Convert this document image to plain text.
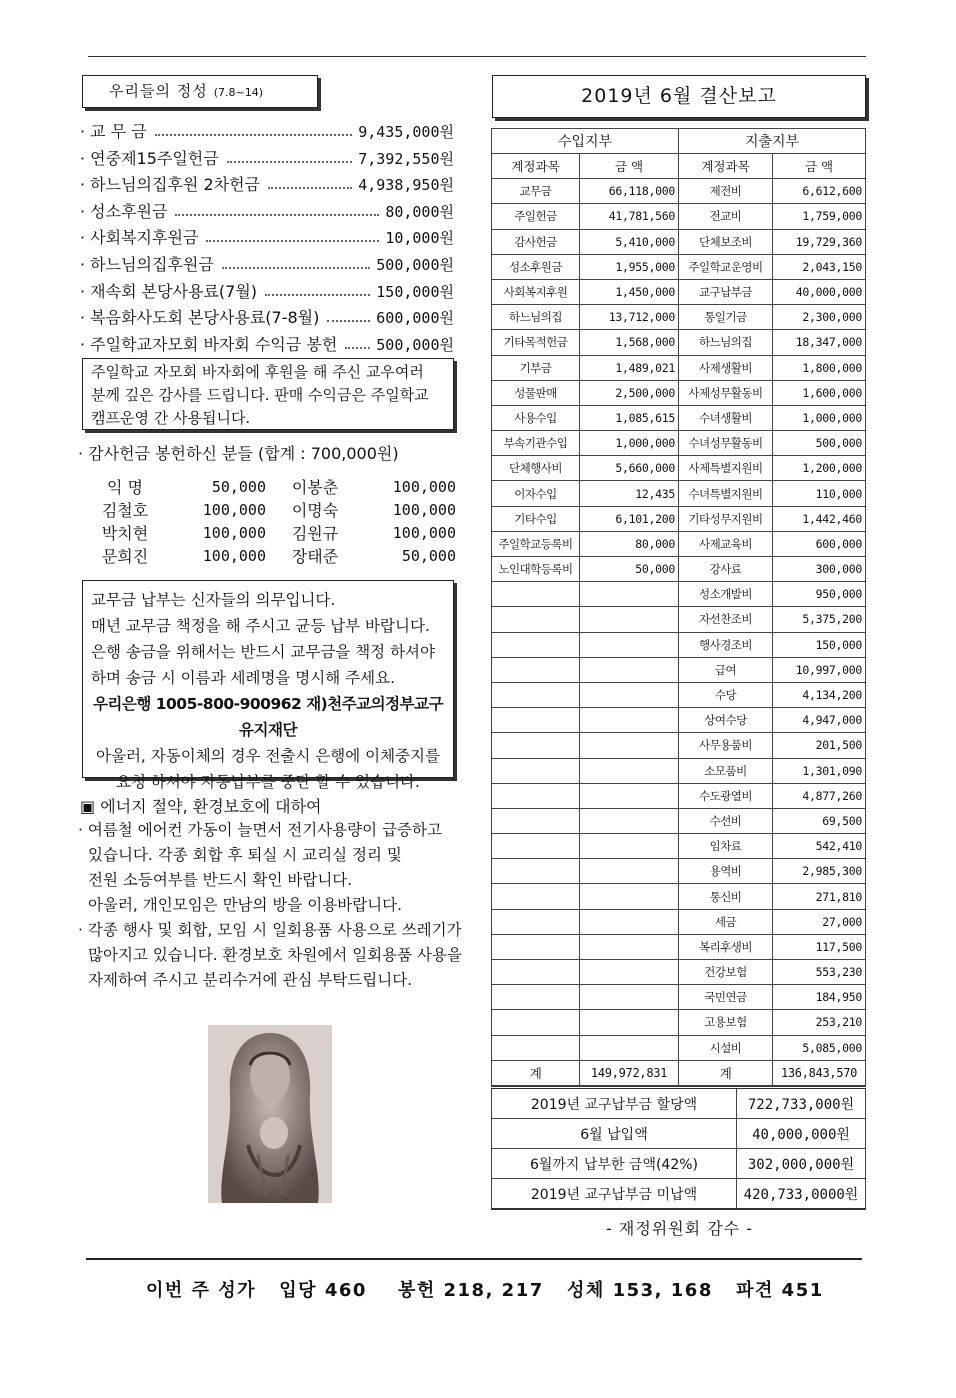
우리들의 정성 (7.8~14)
· 교 무 금	9,435,000원
· 연중제15주일헌금	7,392,550원
· 하느님의집후원 2차헌금	4,938,950원
· 성소후원금	80,000원
· 사회복지후원금	10,000원
· 하느님의집후원금	500,000원
· 재속회 본당사용료(7월)	150,000원
· 복음화사도회 본당사용료(7-8월)	600,000원
· 주일학교자모회 바자회 수익금 봉헌	500,000원
주일학교 자모회 바자회에 후원을 해 주신 교우여러
분께 깊은 감사를 드립니다. 판매 수익금은 주일학교
캠프운영 간 사용됩니다.
· 감사헌금 봉헌하신 분들 (합계 : 700,000원)
익 명	50,000	이봉춘	100,000
김철호	100,000	이명숙	100,000
박치현	100,000	김원규	100,000
문희진	100,000	장태준	50,000
교무금 납부는 신자들의 의무입니다.
매년 교무금 책정을 해 주시고 균등 납부 바랍니다.
은행 송금을 위해서는 반드시 교무금을 책정 하셔야
하며 송금 시 이름과 세례명을 명시해 주세요.
우리은행 1005-800-900962 재)천주교의정부교구유지재단
아울러, 자동이체의 경우 전출시 은행에 이체중지를
요청 하셔야 자동납부를 중단 할 수 있습니다.
▣ 에너지 절약, 환경보호에 대하여

· 여름철 에어컨 가동이 늘면서 전기사용량이 급증하고

있습니다. 각종 회합 후 퇴실 시 교리실 정리 및

전원 소등여부를 반드시 확인 바랍니다.

아울러, 개인모임은 만남의 방을 이용바랍니다.

· 각종 행사 및 회합, 모임 시 일회용품 사용으로 쓰레기가

많아지고 있습니다. 환경보호 차원에서 일회용품 사용을

자제하여 주시고 분리수거에 관심 부탁드립니다.

2019년 6월 결산보고
수입지부		지출지부	
계정과목	금 액	계정과목	금 액
교무금	66,118,000	제전비	6,612,600
주일헌금	41,781,560	전교비	1,759,000
감사헌금	5,410,000	단체보조비	19,729,360
성소후원금	1,955,000	주일학교운영비	2,043,150
사회복지후원	1,450,000	교구납부금	40,000,000
하느님의집	13,712,000	통일기금	2,300,000
기타목적헌금	1,568,000	하느님의집	18,347,000
기부금	1,489,021	사제생활비	1,800,000
성물판매	2,500,000	사제성무활동비	1,600,000
사용수입	1,085,615	수녀생활비	1,000,000
부속기관수입	1,000,000	수녀성무활동비	500,000
단체행사비	5,660,000	사제특별지원비	1,200,000
이자수입	12,435	수녀특별지원비	110,000
기타수입	6,101,200	기타성무지원비	1,442,460
주일학교등록비	80,000	사제교육비	600,000
노인대학등록비	50,000	강사료	300,000
		성소개발비	950,000
		자선찬조비	5,375,200
		행사경조비	150,000
		급여	10,997,000
		수당	4,134,200
		상여수당	4,947,000
		사무용품비	201,500
		소모품비	1,301,090
		수도광열비	4,877,260
		수선비	69,500
		임차료	542,410
		용역비	2,985,300
		통신비	271,810
		세금	27,000
		복리후생비	117,500
		건강보험	553,230
		국민연금	184,950
		고용보험	253,210
		시설비	5,085,000
계	149,972,831	계	136,843,570
2019년 교구납부금 할당액	722,733,000원
6월 납입액	40,000,000원
6월까지 납부한 금액(42%)	302,000,000원
2019년 교구납부금 미납액	420,733,0000원
- 재정위원회 감수 -
이번 주 성가   입당 460    봉헌 218, 217   성체 153, 168   파견 451
